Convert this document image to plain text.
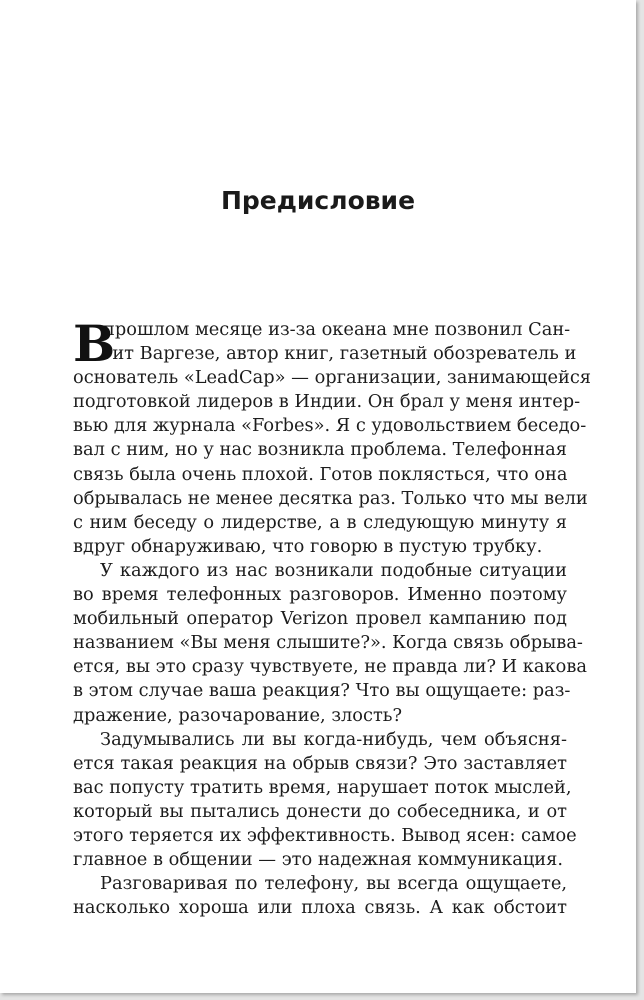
Предисловие
В
прошлом месяце из-за океана мне позвонил Сан-
гит Варгезе, автор книг, газетный обозреватель и
основатель «LeadCap» — организации, занимающейся
подготовкой лидеров в Индии. Он брал у меня интер-
вью для журнала «Forbes». Я с удовольствием беседо-
вал с ним, но у нас возникла проблема. Телефонная
связь была очень плохой. Готов поклясться, что она
обрывалась не менее десятка раз. Только что мы вели
с ним беседу о лидерстве, а в следующую минуту я
вдруг обнаруживаю, что говорю в пустую трубку.
У каждого из нас возникали подобные ситуации
во время телефонных разговоров. Именно поэтому
мобильный оператор Verizon провел кампанию под
названием «Вы меня слышите?». Когда связь обрыва-
ется, вы это сразу чувствуете, не правда ли? И какова
в этом случае ваша реакция? Что вы ощущаете: раз-
дражение, разочарование, злость?
Задумывались ли вы когда-нибудь, чем объясня-
ется такая реакция на обрыв связи? Это заставляет
вас попусту тратить время, нарушает поток мыслей,
который вы пытались донести до собеседника, и от
этого теряется их эффективность. Вывод ясен: самое
главное в общении — это надежная коммуникация.
Разговаривая по телефону, вы всегда ощущаете,
насколько хороша или плоха связь. А как обстоит
